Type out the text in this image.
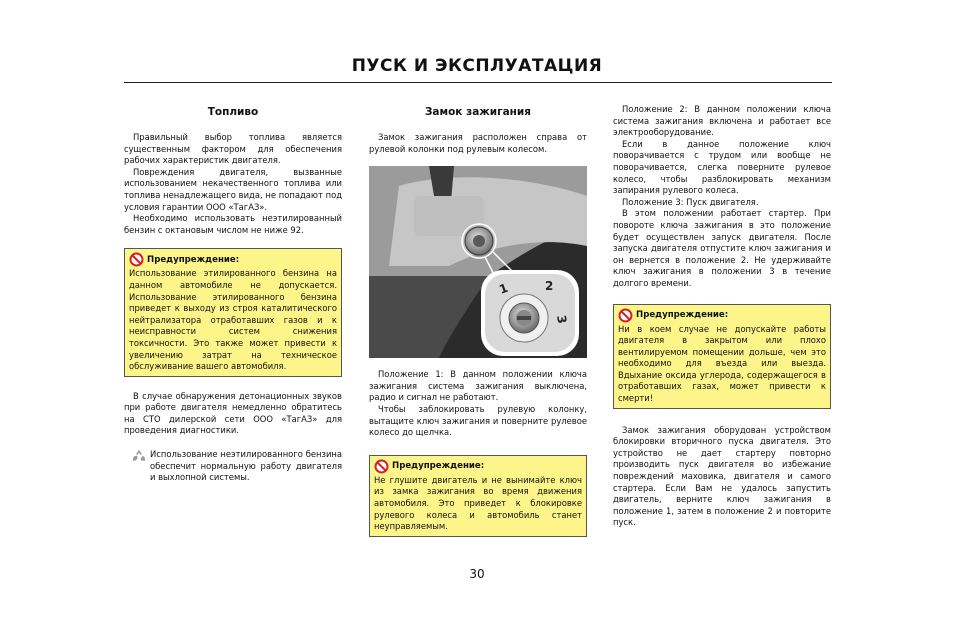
ПУСК И ЭКСПЛУАТАЦИЯ
Топливо

Правильный выбор топлива является существенным фактором для обеспечения рабочих характеристик двигателя.

Повреждения двигателя, вызванные использованием некачественного топлива или топлива ненадлежащего вида, не попадают под условия гарантии ООО «ТагАЗ».

Необходимо использовать неэтилированный бензин с октановым числом не ниже 92.

Предупреждение:
Использование этилированного бензина на данном автомобиле не допускается. Использование этилированного бензина приведет к выходу из строя каталитического нейтрализатора отработавших газов и к неисправности систем снижения токсичности. Это также может привести к увеличению затрат на техническое обслуживание вашего автомобиля.

В случае обнаружения детонационных звуков при работе двигателя немедленно обратитесь на СТО дилерской сети ООО «ТагАЗ» для проведения диагностики.

Использование неэтилированного бензина обеспечит нормальную работу двигателя и выхлопной системы.

Замок зажигания

Замок зажигания расположен справа от рулевой колонки под рулевым колесом.

1	2
3

Положение 1: В данном положении ключа зажигания система зажигания выключена, радио и сигнал не работают.

Чтобы заблокировать рулевую колонку, вытащите ключ зажигания и поверните рулевое колесо до щелчка.

Предупреждение:
Не глушите двигатель и не вынимайте ключ из замка зажигания во время движения автомобиля. Это приведет к блокировке рулевого колеса и автомобиль станет неуправляемым.

Положение 2: В данном положении ключа система зажигания включена и работает все электрооборудование.

Если в данное положение ключ поворачивается с трудом или вообще не поворачивается, слегка поверните рулевое колесо, чтобы разблокировать механизм запирания рулевого колеса.

Положение 3: Пуск двигателя.

В этом положении работает стартер. При повороте ключа зажигания в это положение будет осуществлен запуск двигателя. После запуска двигателя отпустите ключ зажигания и он вернется в положение 2. Не удерживайте ключ зажигания в положении 3 в течение долгого времени.

Предупреждение:
Ни в коем случае не допускайте работы двигателя в закрытом или плохо вентилируемом помещении дольше, чем это необходимо для въезда или выезда. Вдыхание оксида углерода, содержащегося в отработавших газах, может привести к смерти!

Замок зажигания оборудован устройством блокировки вторичного пуска двигателя. Это устройство не дает стартеру повторно производить пуск двигателя во избежание повреждений маховика, двигателя и самого стартера. Если Вам не удалось запустить двигатель, верните ключ зажигания в положение 1, затем в положение 2 и повторите пуск.

30
